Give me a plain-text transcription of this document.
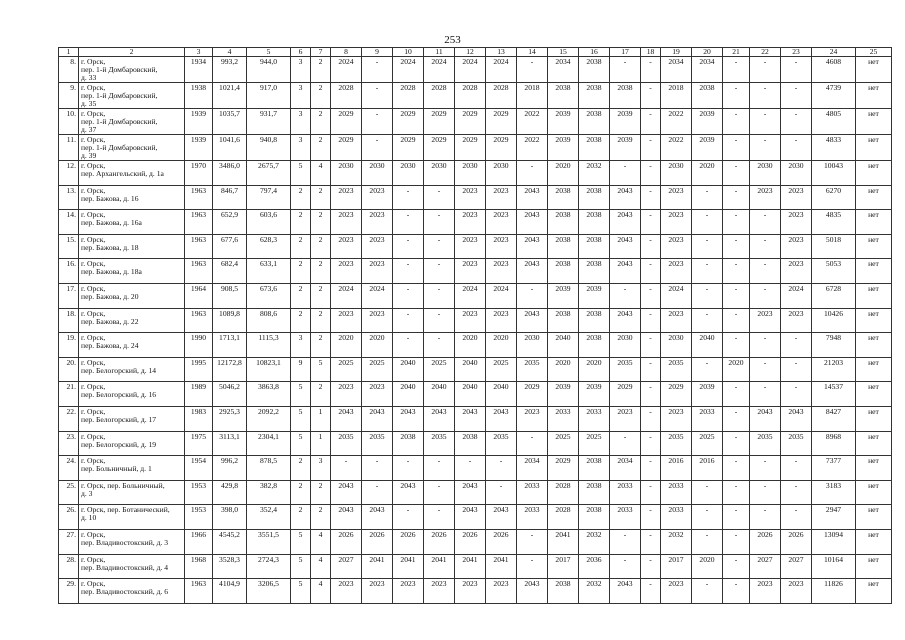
253
1	2	3	4	5	6	7	8	9	10	11	12	13	14	15	16	17	18	19	20	21	22	23	24	25
8.	г. Орск,
пер. 1-й Домбаровский,
д. 33	1934	993,2	944,0	3	2	2024	-	2024	2024	2024	2024	-	2034	2038	-	-	2034	2034	-	-	-	4608	нет
9.	г. Орск,
пер. 1-й Домбаровский,
д. 35	1938	1021,4	917,0	3	2	2028	-	2028	2028	2028	2028	2018	2038	2038	2038	-	2018	2038	-	-	-	4739	нет
10.	г. Орск,
пер. 1-й Домбаровский,
д. 37	1939	1035,7	931,7	3	2	2029	-	2029	2029	2029	2029	2022	2039	2038	2039	-	2022	2039	-	-	-	4805	нет
11.	г. Орск,
пер. 1-й Домбаровский,
д. 39	1939	1041,6	940,8	3	2	2029	-	2029	2029	2029	2029	2022	2039	2038	2039	-	2022	2039	-	-	-	4833	нет
12.	г. Орск,
пер. Архангельский, д. 1а	1970	3486,0	2675,7	5	4	2030	2030	2030	2030	2030	2030	-	2020	2032	-	-	2030	2020	-	2030	2030	10043	нет
13.	г. Орск,
пер. Бажова, д. 16	1963	846,7	797,4	2	2	2023	2023	-	-	2023	2023	2043	2038	2038	2043	-	2023	-	-	2023	2023	6270	нет
14.	г. Орск,
пер. Бажова, д. 16а	1963	652,9	603,6	2	2	2023	2023	-	-	2023	2023	2043	2038	2038	2043	-	2023	-	-	-	2023	4835	нет
15.	г. Орск,
пер. Бажова, д. 18	1963	677,6	628,3	2	2	2023	2023	-	-	2023	2023	2043	2038	2038	2043	-	2023	-	-	-	2023	5018	нет
16.	г. Орск,
пер. Бажова, д. 18а	1963	682,4	633,1	2	2	2023	2023	-	-	2023	2023	2043	2038	2038	2043	-	2023	-	-	-	2023	5053	нет
17.	г. Орск,
пер. Бажова, д. 20	1964	908,5	673,6	2	2	2024	2024	-	-	2024	2024	-	2039	2039	-	-	2024	-	-	-	2024	6728	нет
18.	г. Орск,
пер. Бажова, д. 22	1963	1089,8	808,6	2	2	2023	2023	-	-	2023	2023	2043	2038	2038	2043	-	2023	-	-	2023	2023	10426	нет
19.	г. Орск,
пер. Бажова, д. 24	1990	1713,1	1115,3	3	2	2020	2020	-	-	2020	2020	2030	2040	2038	2030	-	2030	2040	-	-	-	7948	нет
20.	г. Орск,
пер. Белогорский, д. 14	1995	12172,8	10823,1	9	5	2025	2025	2040	2025	2040	2025	2035	2020	2020	2035	-	2035	-	2020	-	-	21203	нет
21.	г. Орск,
пер. Белогорский, д. 16	1989	5046,2	3863,8	5	2	2023	2023	2040	2040	2040	2040	2029	2039	2039	2029	-	2029	2039	-	-	-	14537	нет
22.	г. Орск,
пер. Белогорский, д. 17	1983	2925,3	2092,2	5	1	2043	2043	2043	2043	2043	2043	2023	2033	2033	2023	-	2023	2033	-	2043	2043	8427	нет
23.	г. Орск,
пер. Белогорский, д. 19	1975	3113,1	2304,1	5	1	2035	2035	2038	2035	2038	2035	-	2025	2025	-	-	2035	2025	-	2035	2035	8968	нет
24.	г. Орск,
пер. Больничный, д. 1	1954	996,2	878,5	2	3	-	-	-	-	-	-	2034	2029	2038	2034	-	2016	2016	-	-	-	7377	нет
25.	г. Орск, пер. Больничный,
д. 3	1953	429,8	382,8	2	2	2043	-	2043	-	2043	-	2033	2028	2038	2033	-	2033	-	-	-	-	3183	нет
26.	г. Орск, пер. Ботанический,
д. 10	1953	398,0	352,4	2	2	2043	2043	-	-	2043	2043	2033	2028	2038	2033	-	2033	-	-	-	-	2947	нет
27.	г. Орск,
пер. Владивостокский, д. 3	1966	4545,2	3551,5	5	4	2026	2026	2026	2026	2026	2026	-	2041	2032	-	-	2032	-	-	2026	2026	13094	нет
28.	г. Орск,
пер. Владивостокский, д. 4	1968	3528,3	2724,3	5	4	2027	2041	2041	2041	2041	2041	-	2017	2036	-	-	2017	2020	-	2027	2027	10164	нет
29.	г. Орск,
пер. Владивостокский, д. 6	1963	4104,9	3206,5	5	4	2023	2023	2023	2023	2023	2023	2043	2038	2032	2043	-	2023	-	-	2023	2023	11826	нет
